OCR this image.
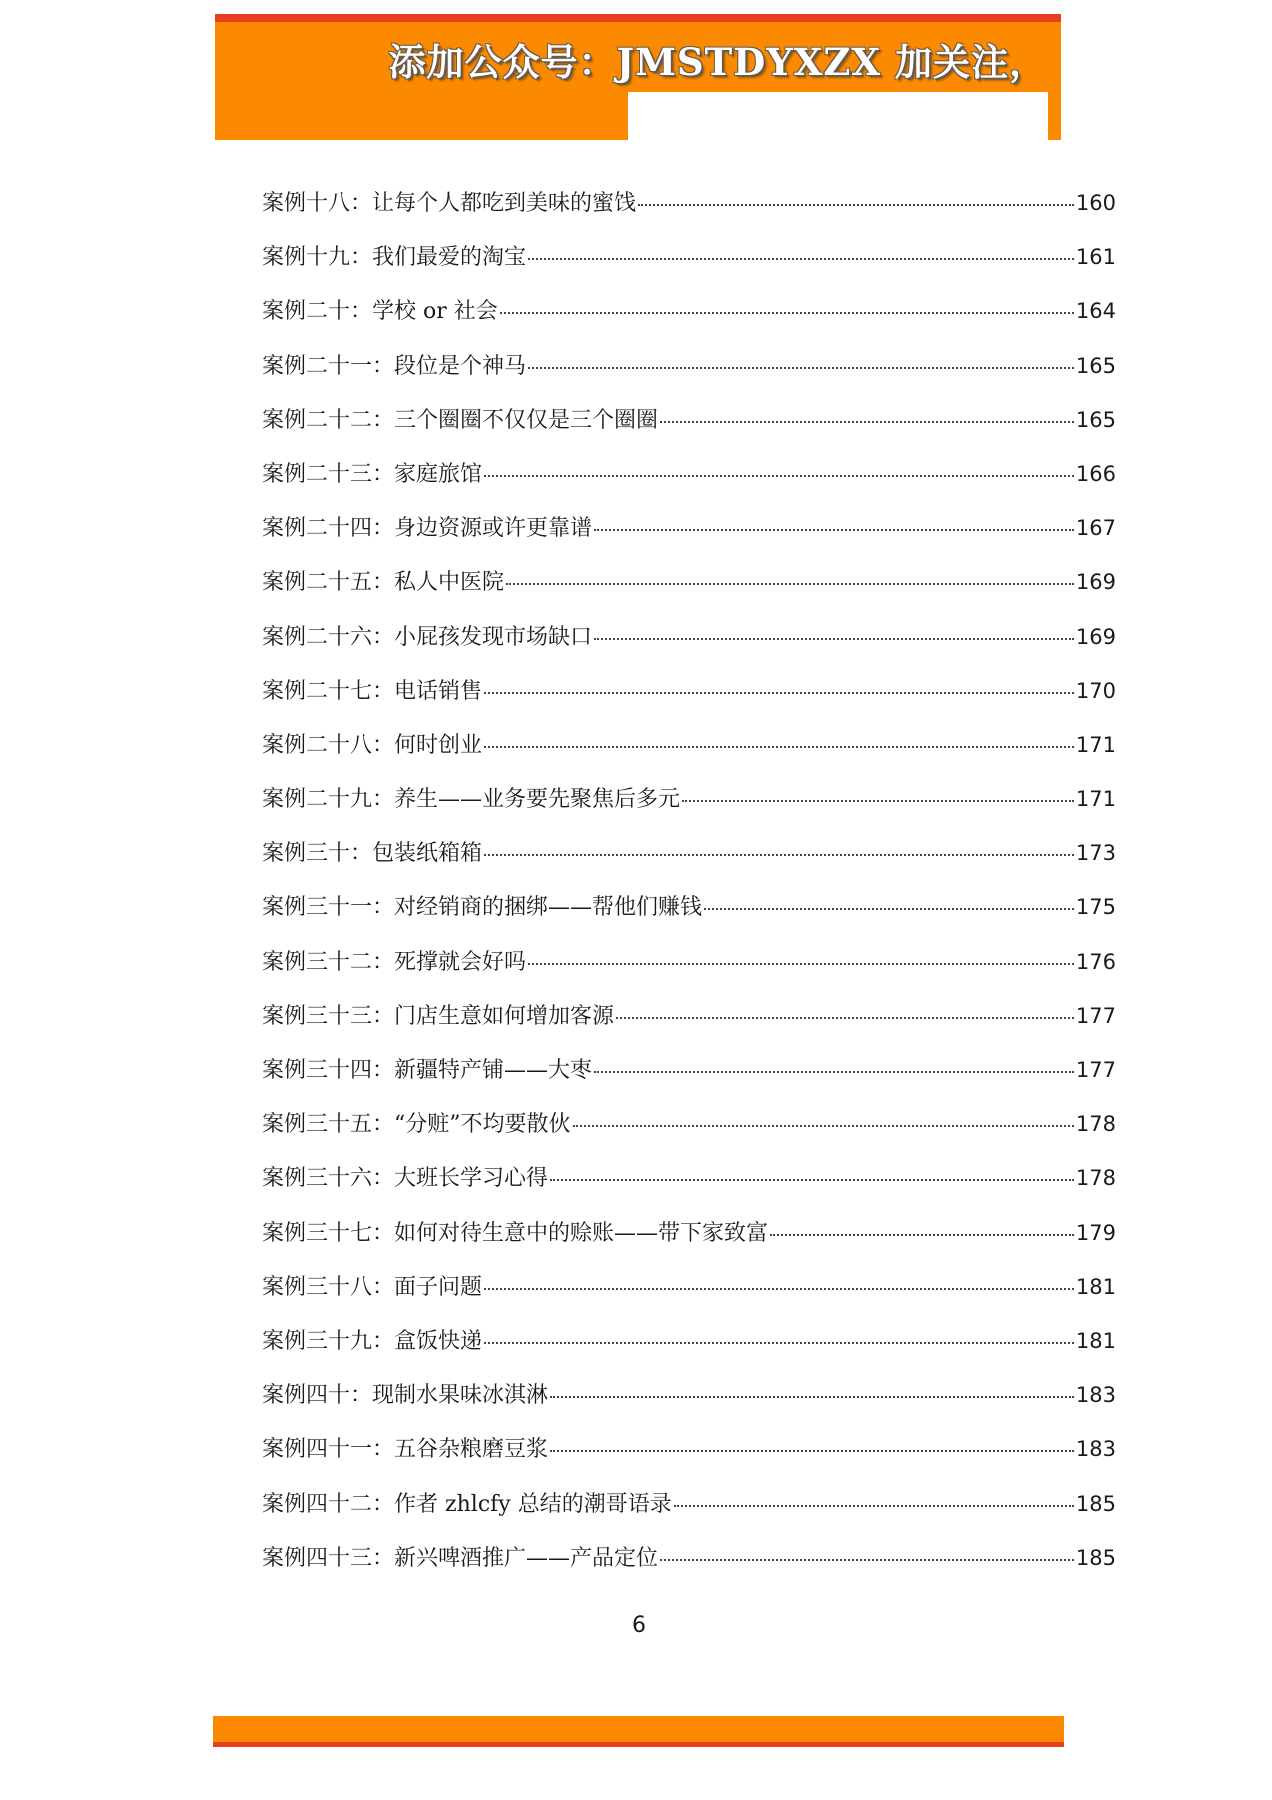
添加公众号：JMSTDYXZX 加关注，
案例十八 ： 让每个人都吃到美味的蜜饯	160
案例十九 ： 我们最爱的淘宝	161
案例二十 ： 学校 or 社会	164
案例二十一 ： 段位是个神马	165
案例二十二 ： 三个圈圈不仅仅是三个圈圈	165
案例二十三 ： 家庭旅馆	166
案例二十四 ： 身边资源或许更靠谱	167
案例二十五 ： 私人中医院	169
案例二十六 ： 小屁孩发现市场缺口	169
案例二十七 ： 电话销售	170
案例二十八 ： 何时创业	171
案例二十九 ： 养生——业务要先聚焦后多元	171
案例三十 ： 包装纸箱箱	173
案例三十一 ： 对经销商的捆绑——帮他们赚钱	175
案例三十二 ： 死撑就会好吗	176
案例三十三 ： 门店生意如何增加客源	177
案例三十四 ： 新疆特产铺——大枣	177
案例三十五 ： “分赃”不均要散伙	178
案例三十六 ： 大班长学习心得	178
案例三十七 ： 如何对待生意中的赊账——带下家致富	179
案例三十八 ： 面子问题	181
案例三十九 ： 盒饭快递	181
案例四十 ： 现制水果味冰淇淋	183
案例四十一 ： 五谷杂粮磨豆浆	183
案例四十二 ： 作者 zhlcfy 总结的潮哥语录	185
案例四十三 ： 新兴啤酒推广——产品定位	185
6
